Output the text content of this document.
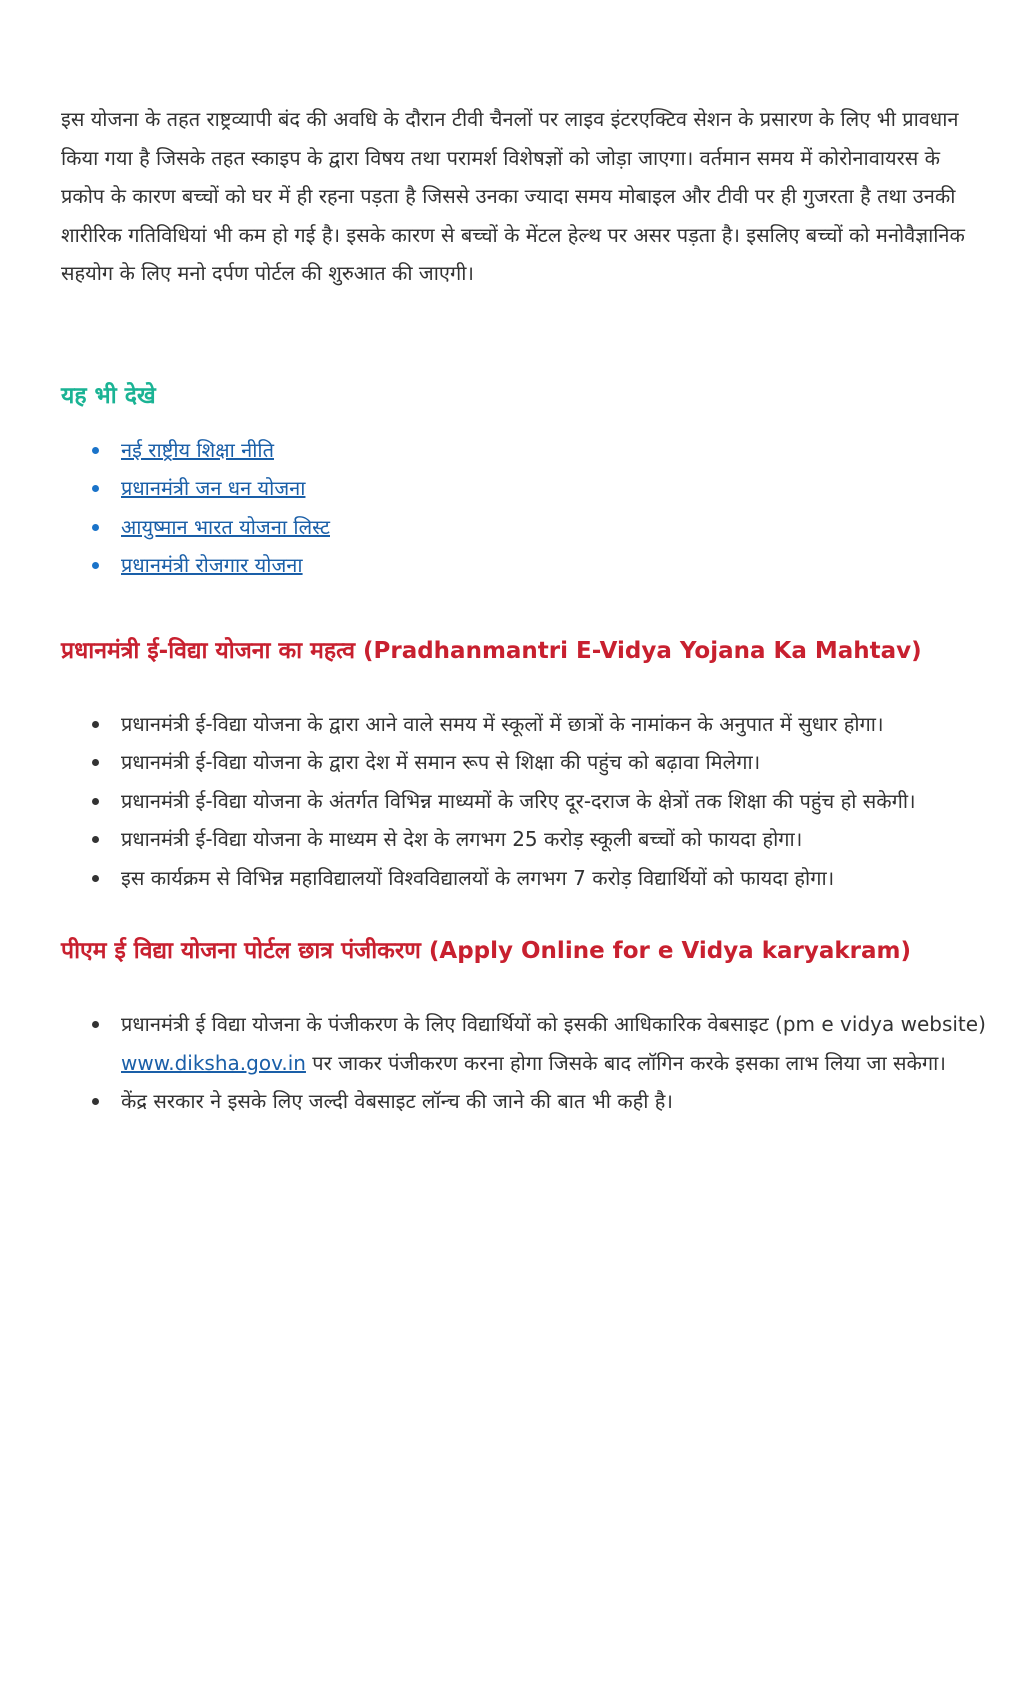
इस योजना के तहत राष्ट्रव्यापी बंद की अवधि के दौरान टीवी चैनलों पर लाइव इंटरएक्टिव सेशन के प्रसारण के लिए भी प्रावधान किया गया है जिसके तहत स्काइप के द्वारा विषय तथा परामर्श विशेषज्ञों को जोड़ा जाएगा। वर्तमान समय में कोरोनावायरस के प्रकोप के कारण बच्चों को घर में ही रहना पड़ता है जिससे उनका ज्यादा समय मोबाइल और टीवी पर ही गुजरता है तथा उनकी शारीरिक गतिविधियां भी कम हो गई है। इसके कारण से बच्चों के मेंटल हेल्थ पर असर पड़ता है। इसलिए बच्चों को मनोवैज्ञानिक सहयोग के लिए मनो दर्पण पोर्टल की शुरुआत की जाएगी।

यह भी देखे
नई राष्ट्रीय शिक्षा नीति
प्रधानमंत्री जन धन योजना
आयुष्मान भारत योजना लिस्ट
प्रधानमंत्री रोजगार योजना
प्रधानमंत्री ई-विद्या योजना का महत्व (Pradhanmantri E-Vidya Yojana Ka Mahtav)
प्रधानमंत्री ई-विद्या योजना के द्वारा आने वाले समय में स्कूलों में छात्रों के नामांकन के अनुपात में सुधार होगा।
प्रधानमंत्री ई-विद्या योजना के द्वारा देश में समान रूप से शिक्षा की पहुंच को बढ़ावा मिलेगा।
प्रधानमंत्री ई-विद्या योजना के अंतर्गत विभिन्न माध्यमों के जरिए दूर-दराज के क्षेत्रों तक शिक्षा की पहुंच हो सकेगी।
प्रधानमंत्री ई-विद्या योजना के माध्यम से देश के लगभग 25 करोड़ स्कूली बच्चों को फायदा होगा।
इस कार्यक्रम से विभिन्न महाविद्यालयों विश्वविद्यालयों के लगभग 7 करोड़ विद्यार्थियों को फायदा होगा।
पीएम ई विद्या योजना पोर्टल छात्र पंजीकरण (Apply Online for e Vidya karyakram)
प्रधानमंत्री ई विद्या योजना के पंजीकरण के लिए विद्यार्थियों को इसकी आधिकारिक वेबसाइट (pm e vidya website) www.diksha.gov.in पर जाकर पंजीकरण करना होगा जिसके बाद लॉगिन करके इसका लाभ लिया जा सकेगा।
केंद्र सरकार ने इसके लिए जल्दी वेबसाइट लॉन्च की जाने की बात भी कही है।
